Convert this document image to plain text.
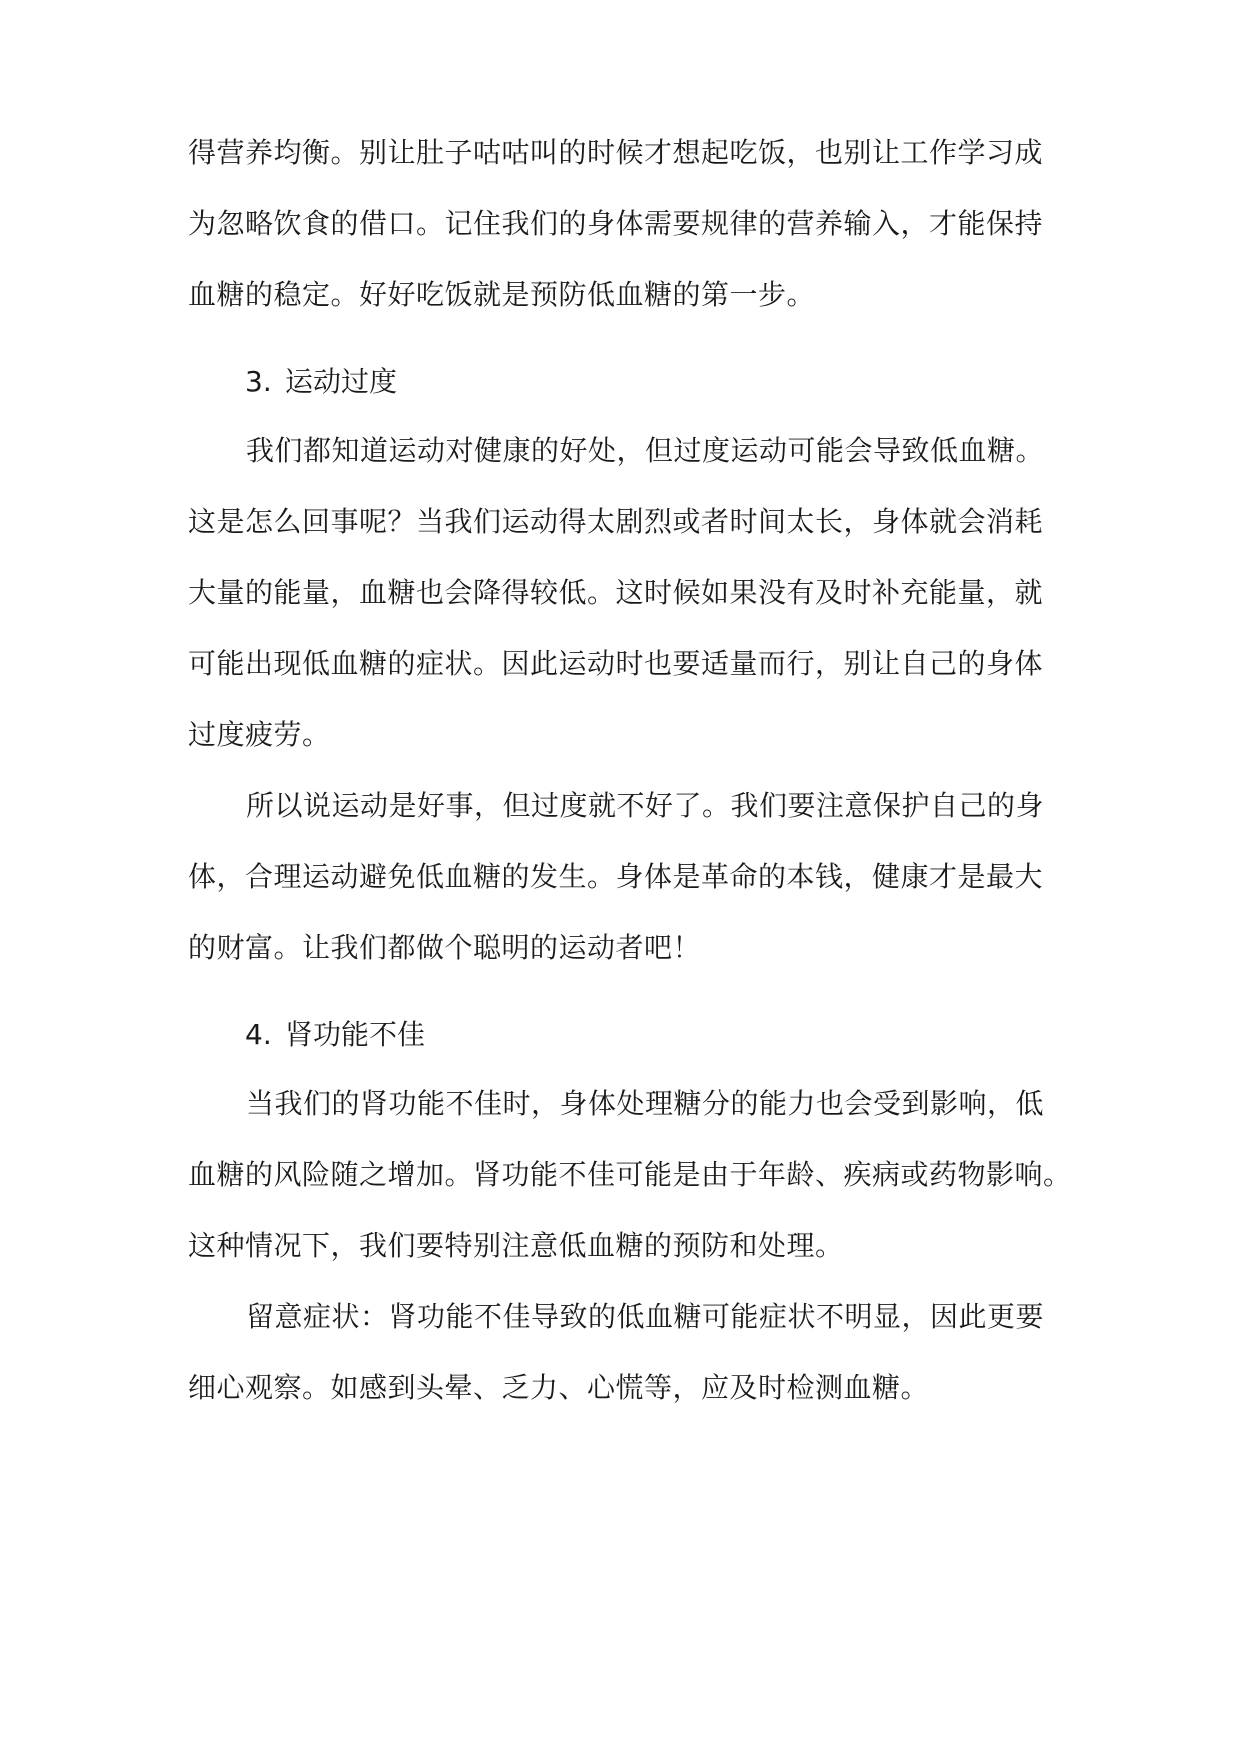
得营养均衡。别让肚子咕咕叫的时候才想起吃饭，也别让工作学习成
为忽略饮食的借口。记住我们的身体需要规律的营养输入，才能保持
血糖的稳定。好好吃饭就是预防低血糖的第一步。
3. 运动过度
我们都知道运动对健康的好处，但过度运动可能会导致低血糖。
这是怎么回事呢？当我们运动得太剧烈或者时间太长，身体就会消耗
大量的能量，血糖也会降得较低。这时候如果没有及时补充能量，就
可能出现低血糖的症状。因此运动时也要适量而行，别让自己的身体
过度疲劳。
所以说运动是好事，但过度就不好了。我们要注意保护自己的身
体，合理运动避免低血糖的发生。身体是革命的本钱，健康才是最大
的财富。让我们都做个聪明的运动者吧！
4. 肾功能不佳
当我们的肾功能不佳时，身体处理糖分的能力也会受到影响，低
血糖的风险随之增加。肾功能不佳可能是由于年龄、疾病或药物影响。
这种情况下，我们要特别注意低血糖的预防和处理。
留意症状：肾功能不佳导致的低血糖可能症状不明显，因此更要
细心观察。如感到头晕、乏力、心慌等，应及时检测血糖。
